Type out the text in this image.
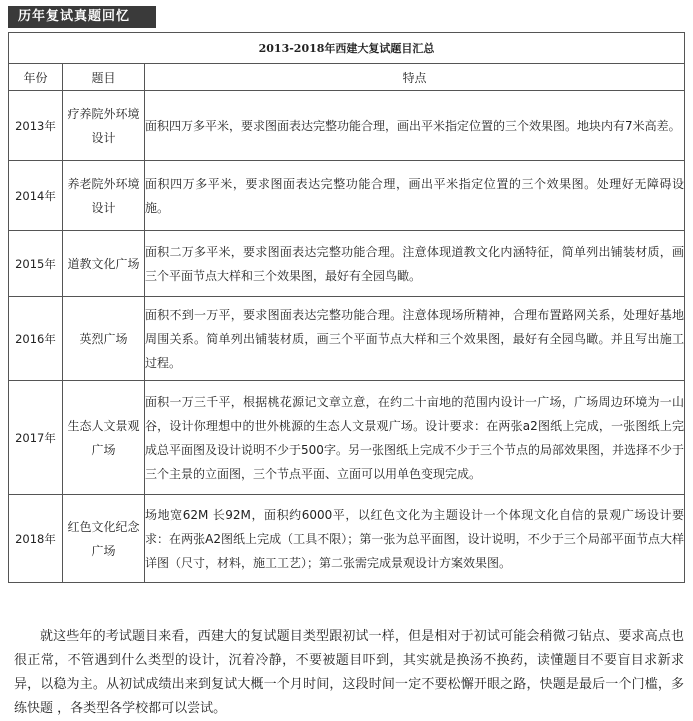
历年复试真题回忆
2013-2018年西建大复试题目汇总		
年份	题目	特点
2013年	疗养院外环境设计	面积四万多平米，要求图面表达完整功能合理，画出平米指定位置的三个效果图。地块内有7米高差。
2014年	养老院外环境设计	面积四万多平米，要求图面表达完整功能合理，画出平米指定位置的三个效果图。处理好无障碍设施。
2015年	道教文化广场	面积二万多平米，要求图面表达完整功能合理。注意体现道教文化内涵特征，简单列出铺装材质，画三个平面节点大样和三个效果图，最好有全园鸟瞰。
2016年	英烈广场	面积不到一万平，要求图面表达完整功能合理。注意体现场所精神，合理布置路网关系，处理好基地周围关系。简单列出铺装材质，画三个平面节点大样和三个效果图，最好有全园鸟瞰。并且写出施工过程。
2017年	生态人文景观广场	面积一万三千平，根据桃花源记文章立意，在约二十亩地的范围内设计一广场，广场周边环境为一山谷，设计你理想中的世外桃源的生态人文景观广场。设计要求：在两张a2图纸上完成，一张图纸上完成总平面图及设计说明不少于500字。另一张图纸上完成不少于三个节点的局部效果图，并选择不少于三个主景的立面图，三个节点平面、立面可以用单色变现完成。
2018年	红色文化纪念广场	场地宽62M 长92M，面积约6000平，以红色文化为主题设计一个体现文化自信的景观广场设计要求：在两张A2图纸上完成（工具不限）；第一张为总平面图，设计说明，不少于三个局部平面节点大样详图（尺寸，材料，施工工艺）；第二张需完成景观设计方案效果图。

就这些年的考试题目来看，西建大的复试题目类型跟初试一样，但是相对于初试可能会稍微刁钻点、要求高点也很正常，不管遇到什么类型的设计，沉着冷静，不要被题目吓到，其实就是换汤不换药，读懂题目不要盲目求新求异，以稳为主。从初试成绩出来到复试大概一个月时间，这段时间一定不要松懈开眼之路，快题是最后一个门槛，多练快题 ，各类型各学校都可以尝试。
